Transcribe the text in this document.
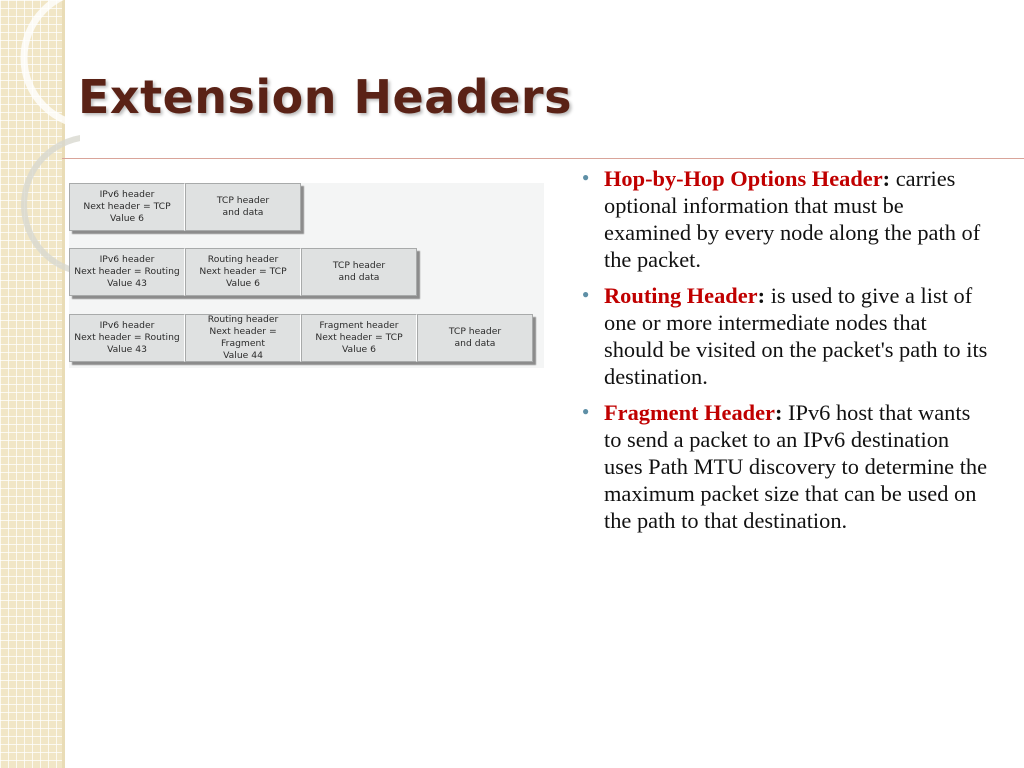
Extension Headers
IPv6 header
Next header = TCP
Value 6
TCP header
and data
IPv6 header
Next header = Routing
Value 43
Routing header
Next header = TCP
Value 6
TCP header
and data
IPv6 header
Next header = Routing
Value 43
Routing header
Next header = Fragment
Value 44
Fragment header
Next header = TCP
Value 6
TCP header
and data
● Hop-by-Hop Options Header: carries optional information that must be examined by every node along the path of the packet.
● Routing Header: is used to give a list of one or more intermediate nodes that should be visited on the packet's path to its destination.
● Fragment Header: IPv6 host that wants to send a packet to an IPv6 destination uses Path MTU discovery to determine the maximum packet size that can be used on the path to that destination.
